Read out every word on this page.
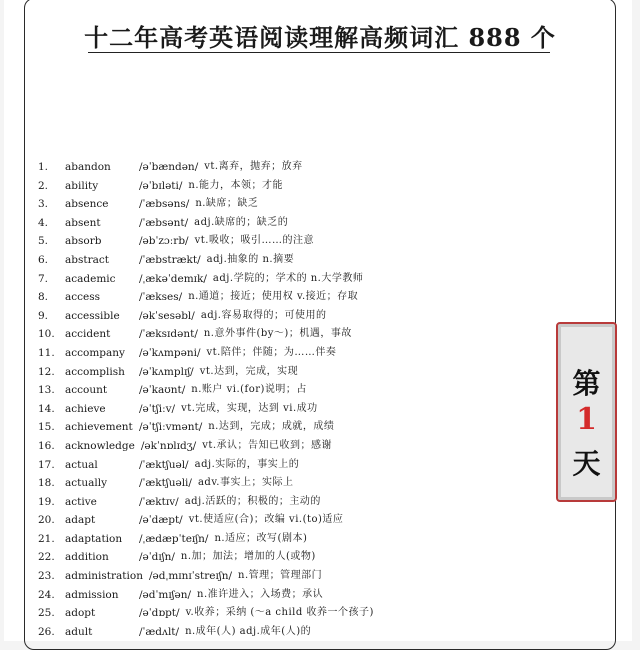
十二年高考英语阅读理解高频词汇 888 个
1.	abandon	/əˈbændən/ vt.离弃，抛弃；放弃
2.	ability	/əˈbɪləti/ n.能力，本领；才能
3.	absence	/ˈæbsəns/ n.缺席；缺乏
4.	absent	/ˈæbsənt/ adj.缺席的；缺乏的
5.	absorb	/əbˈzɔːrb/ vt.吸收；吸引……的注意
6.	abstract	/ˈæbstrækt/ adj.抽象的 n.摘要
7.	academic	/ˌækəˈdemɪk/ adj.学院的；学术的 n.大学教师
8.	access	/ˈækses/ n.通道；接近；使用权 v.接近；存取
9.	accessible	/əkˈsesəbl/ adj.容易取得的；可使用的
10. accident	/ˈæksɪdənt/ n.意外事件(by～)；机遇，事故
11. accompany	/əˈkʌmpəni/ vt.陪伴；伴随；为……伴奏
12. accomplish	/əˈkʌmplɪʃ/ vt.达到，完成，实现
13. account	/əˈkaʊnt/ n.账户 vi.(for)说明；占
14. achieve	/əˈtʃiːv/ vt.完成，实现，达到 vi.成功
15. achievement /əˈtʃiːvmənt/ n.达到，完成；成就，成绩
16. acknowledge /əkˈnɒlɪdʒ/ vt.承认；告知已收到；感谢
17. actual	/ˈæktʃuəl/ adj.实际的，事实上的
18. actually	/ˈæktʃuəli/ adv.事实上；实际上
19. active	/ˈæktɪv/ adj.活跃的；积极的；主动的
20. adapt	/əˈdæpt/ vt.使适应(合)；改编 vi.(to)适应
21. adaptation	/ˌædæpˈteɪʃn/ n.适应；改写(剧本)
22. addition	/əˈdɪʃn/ n.加；加法；增加的人(或物)
23. administration /ədˌmɪnɪˈstreɪʃn/ n.管理；管理部门
24. admission	/ədˈmɪʃən/ n.准许进入；入场费；承认
25. adopt	/əˈdɒpt/ v.收养；采纳 (～a child 收养一个孩子)
26. adult	/ˈædʌlt/ n.成年(人) adj.成年(人)的
第
1
天
